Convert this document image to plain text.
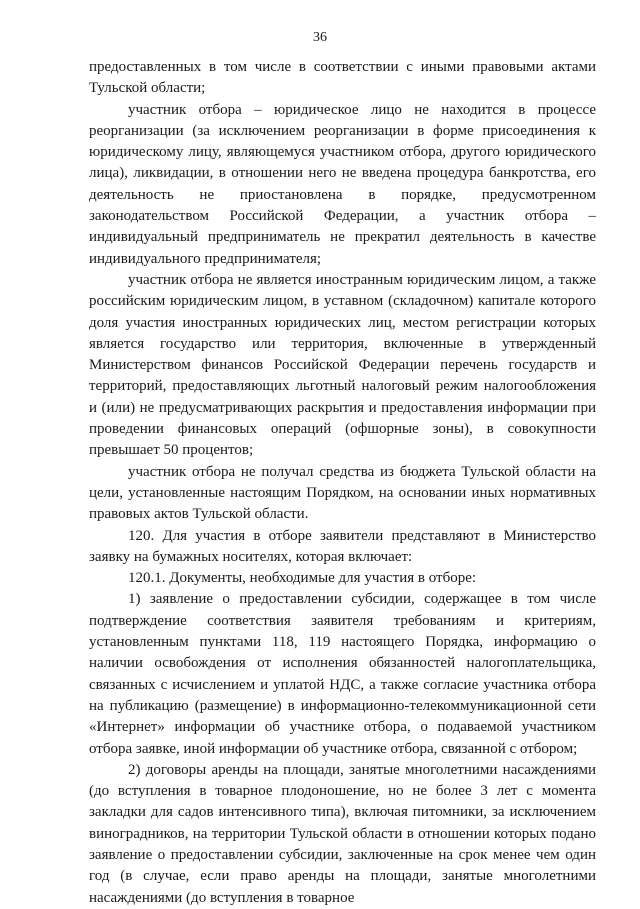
36

предоставленных в том числе в соответствии с иными правовыми актами Тульской области;

участник отбора – юридическое лицо не находится в процессе реорганизации (за исключением реорганизации в форме присоединения к юридическому лицу, являющемуся участником отбора, другого юридического лица), ликвидации, в отношении него не введена процедура банкротства, его деятельность не приостановлена в порядке, предусмотренном законодательством Российской Федерации, а участник отбора – индивидуальный предприниматель не прекратил деятельность в качестве индивидуального предпринимателя;

участник отбора не является иностранным юридическим лицом, а также российским юридическим лицом, в уставном (складочном) капитале которого доля участия иностранных юридических лиц, местом регистрации которых является государство или территория, включенные в утвержденный Министерством финансов Российской Федерации перечень государств и территорий, предоставляющих льготный налоговый режим налогообложения и (или) не предусматривающих раскрытия и предоставления информации при проведении финансовых операций (офшорные зоны), в совокупности превышает 50 процентов;

участник отбора не получал средства из бюджета Тульской области на цели, установленные настоящим Порядком, на основании иных нормативных правовых актов Тульской области.

120. Для участия в отборе заявители представляют в Министерство заявку на бумажных носителях, которая включает:

120.1. Документы, необходимые для участия в отборе:

1) заявление о предоставлении субсидии, содержащее в том числе подтверждение соответствия заявителя требованиям и критериям, установленным пунктами 118, 119 настоящего Порядка, информацию о наличии освобождения от исполнения обязанностей налогоплательщика, связанных с исчислением и уплатой НДС, а также согласие участника отбора на публикацию (размещение) в информационно-телекоммуникационной сети «Интернет» информации об участнике отбора, о подаваемой участником отбора заявке, иной информации об участнике отбора, связанной с отбором;

2) договоры аренды на площади, занятые многолетними насаждениями (до вступления в товарное плодоношение, но не более 3 лет с момента закладки для садов интенсивного типа), включая питомники, за исключением виноградников, на территории Тульской области в отношении которых подано заявление о предоставлении субсидии, заключенные на срок менее чем один год (в случае, если право аренды на площади, занятые многолетними насаждениями (до вступления в товарное
